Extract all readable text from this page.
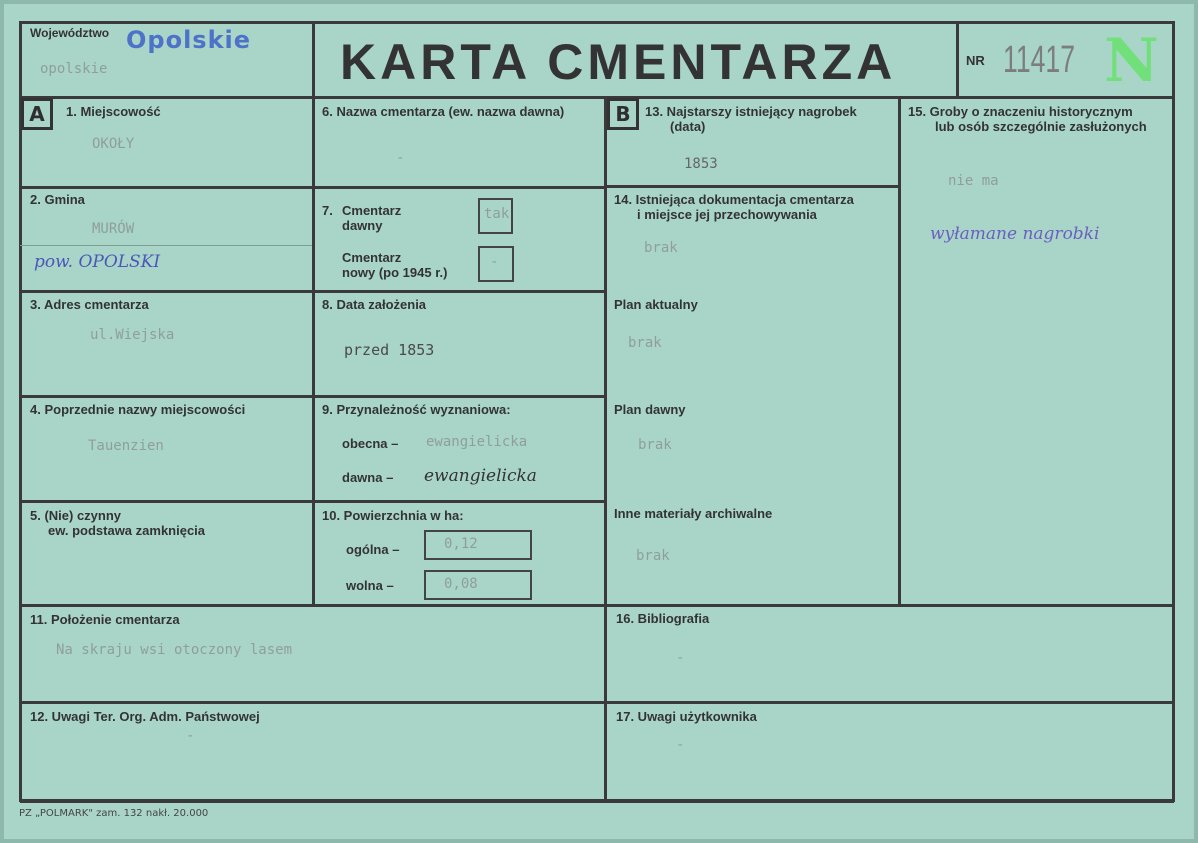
Województwo Opolskie
opolskie	KARTA CMENTARZA	NR 11417 N
A	1. Miejscowość
OKOŁY
2. Gmina
MURÓW
pow. OPOLSKI
3. Adres cmentarza
ul.Wiejska
4. Poprzednie nazwy miejscowości
Tauenzien
5. (Nie) czynny
ew. podstawa zamknięcia
6. Nazwa cmentarza (ew. nazwa dawna)
-
7. Cmentarz
dawny
tak
Cmentarz
nowy (po 1945 r.)
-
8. Data założenia
przed 1853
9. Przynależność wyznaniowa:
obecna – ewangielicka
dawna – ewangielicka
10. Powierzchnia w ha:
ogólna –	0,12
wolna –	0,08
B	13. Najstarszy istniejący nagrobek
(data)
1853
14. Istniejąca dokumentacja cmentarza
i miejsce jej przechowywania
brak
Plan aktualny
brak
Plan dawny
brak
Inne materiały archiwalne
brak
15. Groby o znaczeniu historycznym
lub osób szczególnie zasłużonych
nie ma
wyłamane nagrobki
11. Położenie cmentarza
Na skraju wsi otoczony lasem
12. Uwagi Ter. Org. Adm. Państwowej
-
16. Bibliografia
-
17. Uwagi użytkownika
-
PZ „POLMARK" zam. 132 nakł. 20.000
